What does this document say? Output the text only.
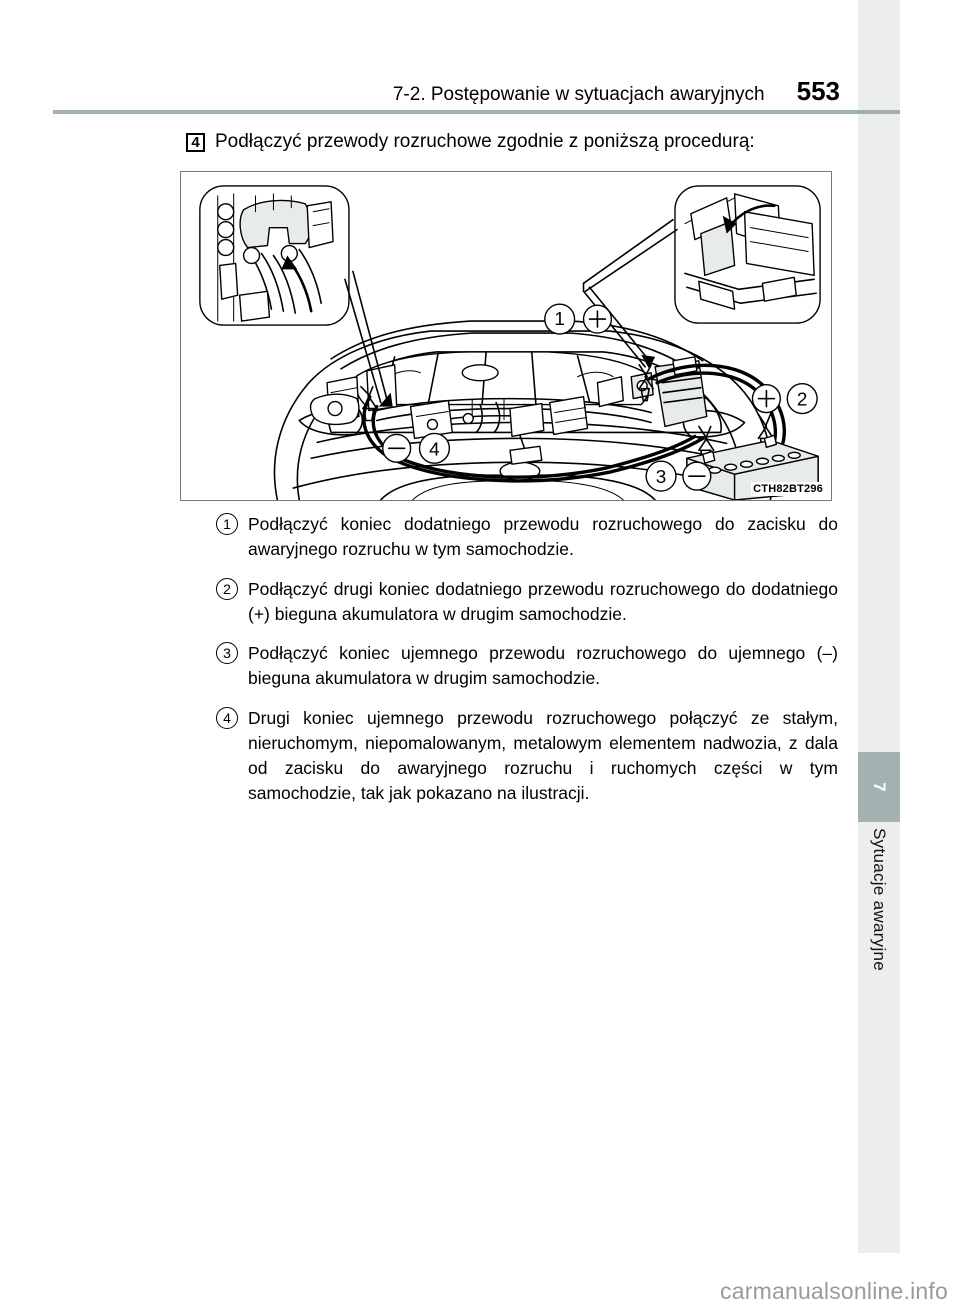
7
Sytuacje awaryjne
7-2. Postępowanie w sytuacjach awaryjnych 553
4 Podłączyć przewody rozruchowe zgodnie z poniższą procedurą:
1
4
3
2
CTH82BT296
1 Podłączyć koniec dodatniego przewodu rozruchowego do zacisku do awaryjnego rozruchu w tym samochodzie.
2 Podłączyć drugi koniec dodatniego przewodu rozruchowego do dodatniego (+) bieguna akumulatora w drugim samochodzie.
3 Podłączyć koniec ujemnego przewodu rozruchowego do ujemnego (–) bieguna akumulatora w drugim samochodzie.
4 Drugi koniec ujemnego przewodu rozruchowego połączyć ze stałym, nieruchomym, niepomalowanym, metalowym elementem nadwozia, z dala od zacisku do awaryjnego rozruchu i ruchomych części w tym samochodzie, tak jak pokazano na ilustracji.
carmanualsonline.info
